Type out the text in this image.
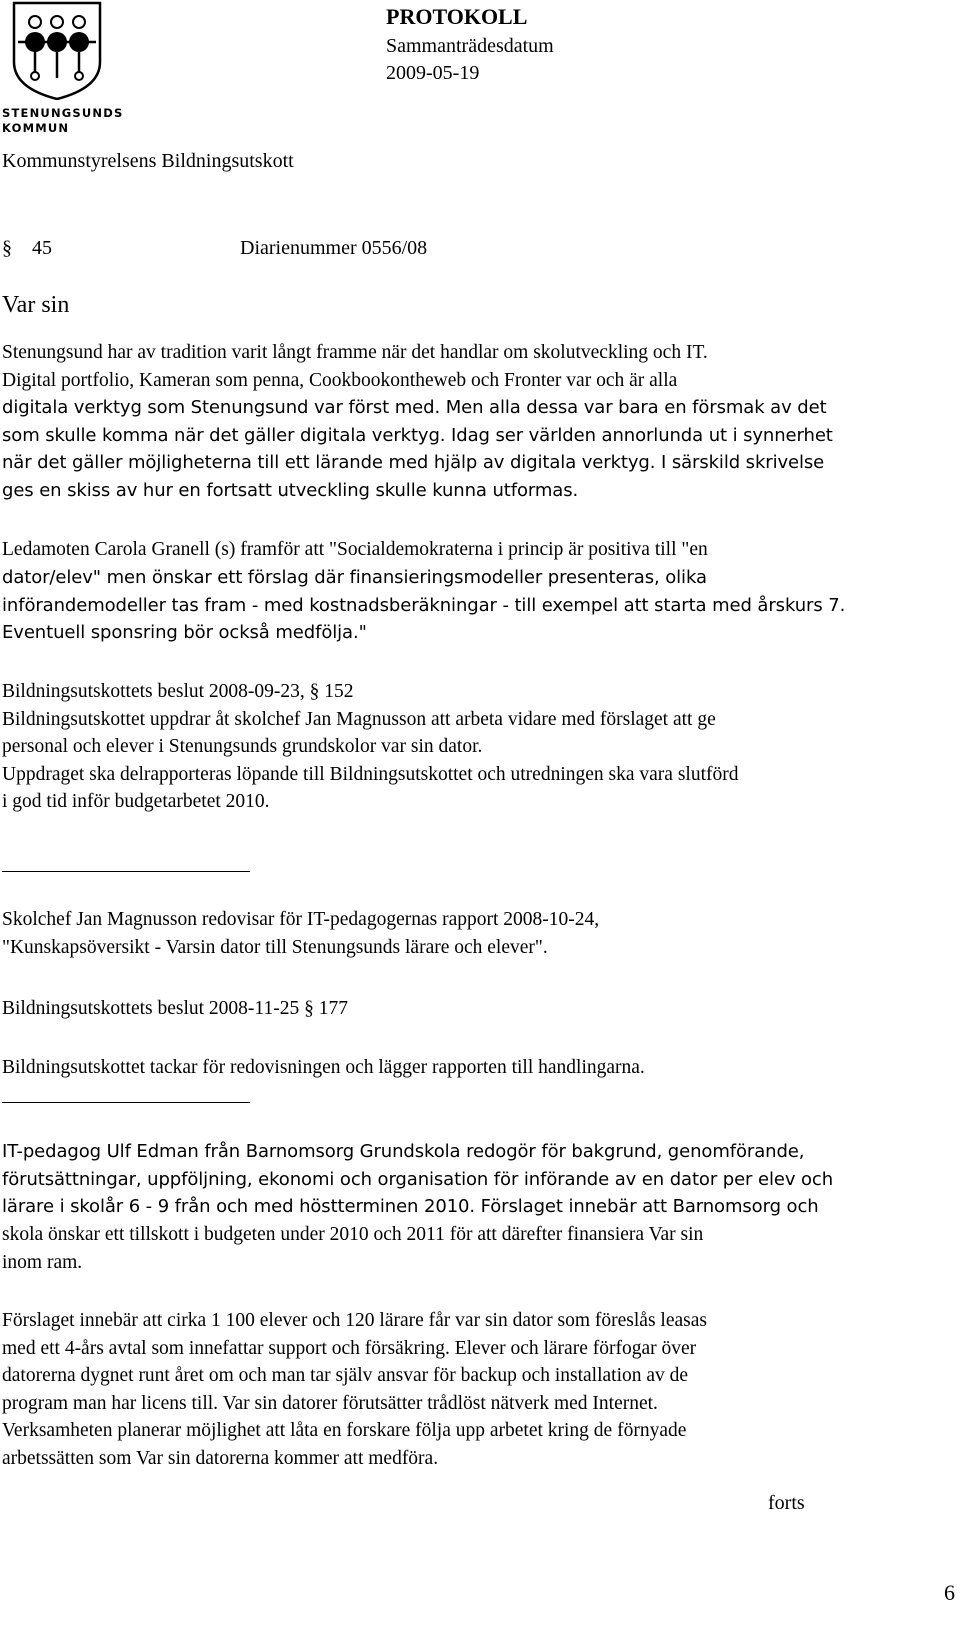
STENUNGSUNDS
KOMMUN
PROTOKOLL
Sammanträdesdatum
2009-05-19
Kommunstyrelsens Bildningsutskott
§ 45	Diarienummer 0556/08
Var sin
Stenungsund har av tradition varit långt framme när det handlar om skolutveckling och IT.
Digital portfolio, Kameran som penna, Cookbookontheweb och Fronter var och är alla
digitala verktyg som Stenungsund var först med. Men alla dessa var bara en försmak av det
som skulle komma när det gäller digitala verktyg. Idag ser världen annorlunda ut i synnerhet
när det gäller möjligheterna till ett lärande med hjälp av digitala verktyg. I särskild skrivelse
ges en skiss av hur en fortsatt utveckling skulle kunna utformas.
Ledamoten Carola Granell (s) framför att "Socialdemokraterna i princip är positiva till "en
dator/elev" men önskar ett förslag där finansieringsmodeller presenteras, olika
införandemodeller tas fram - med kostnadsberäkningar - till exempel att starta med årskurs 7.
Eventuell sponsring bör också medfölja."
Bildningsutskottets beslut 2008-09-23, § 152
Bildningsutskottet uppdrar åt skolchef Jan Magnusson att arbeta vidare med förslaget att ge
personal och elever i Stenungsunds grundskolor var sin dator.
Uppdraget ska delrapporteras löpande till Bildningsutskottet och utredningen ska vara slutförd
i god tid inför budgetarbetet 2010.
Skolchef Jan Magnusson redovisar för IT-pedagogernas rapport 2008-10-24,
"Kunskapsöversikt - Varsin dator till Stenungsunds lärare och elever".
Bildningsutskottets beslut 2008-11-25 § 177
Bildningsutskottet tackar för redovisningen och lägger rapporten till handlingarna.
IT-pedagog Ulf Edman från Barnomsorg Grundskola redogör för bakgrund, genomförande,
förutsättningar, uppföljning, ekonomi och organisation för införande av en dator per elev och
lärare i skolår 6 - 9 från och med höstterminen 2010. Förslaget innebär att Barnomsorg och
skola önskar ett tillskott i budgeten under 2010 och 2011 för att därefter finansiera Var sin
inom ram.
Förslaget innebär att cirka 1 100 elever och 120 lärare får var sin dator som föreslås leasas
med ett 4-års avtal som innefattar support och försäkring. Elever och lärare förfogar över
datorerna dygnet runt året om och man tar själv ansvar för backup och installation av de
program man har licens till. Var sin datorer förutsätter trådlöst nätverk med Internet.
Verksamheten planerar möjlighet att låta en forskare följa upp arbetet kring de förnyade
arbetssätten som Var sin datorerna kommer att medföra.
forts
6
